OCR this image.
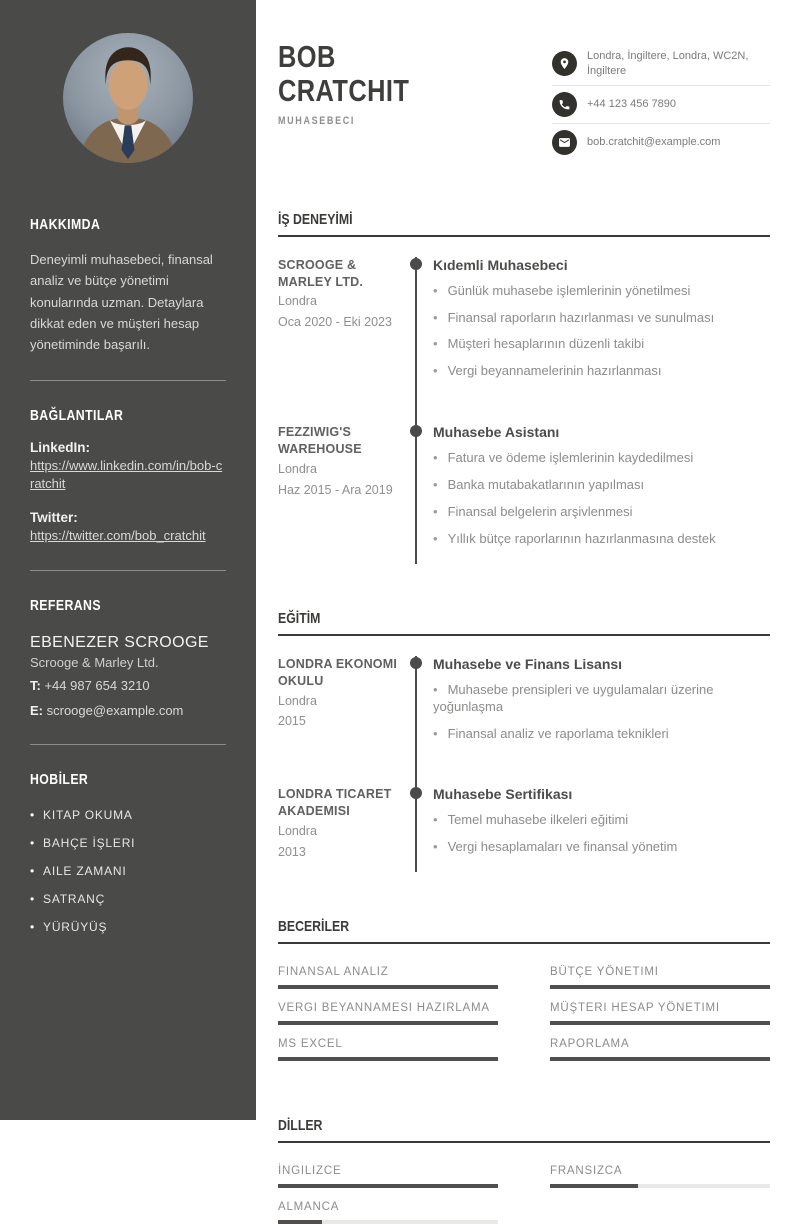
HAKKIMDA

Deneyimli muhasebeci, finansal analiz ve bütçe yönetimi konularında uzman. Detaylara dikkat eden ve müşteri hesap yönetiminde başarılı.

BAĞLANTILAR
LinkedIn:
https://www.linkedin.com/in/bob-cratchit
Twitter:
https://twitter.com/bob_cratchit
REFERANS
EBENEZER SCROOGE
Scrooge & Marley Ltd.
T: +44 987 654 3210
E: scrooge@example.com
HOBİLER
• KITAP OKUMA
• BAHÇE İŞLERI
• AILE ZAMANI
• SATRANÇ
• YÜRÜYÜŞ
BOB
CRATCHIT
MUHASEBECI
Londra, İngiltere, Londra, WC2N, İngiltere
+44 123 456 7890
bob.cratchit@example.com
İŞ DENEYİMİ
SCROOGE & MARLEY LTD.
Londra
Oca 2020 - Eki 2023
Kıdemli Muhasebeci
• Günlük muhasebe işlemlerinin yönetilmesi
• Finansal raporların hazırlanması ve sunulması
• Müşteri hesaplarının düzenli takibi
• Vergi beyannamelerinin hazırlanması
FEZZIWIG'S WAREHOUSE
Londra
Haz 2015 - Ara 2019
Muhasebe Asistanı
• Fatura ve ödeme işlemlerinin kaydedilmesi
• Banka mutabakatlarının yapılması
• Finansal belgelerin arşivlenmesi
• Yıllık bütçe raporlarının hazırlanmasına destek
EĞİTİM
LONDRA EKONOMI OKULU
Londra
2015
Muhasebe ve Finans Lisansı
• Muhasebe prensipleri ve uygulamaları üzerine yoğunlaşma
• Finansal analiz ve raporlama teknikleri
LONDRA TICARET AKADEMISI
Londra
2013
Muhasebe Sertifikası
• Temel muhasebe ilkeleri eğitimi
• Vergi hesaplamaları ve finansal yönetim
BECERİLER
FINANSAL ANALIZ	BÜTÇE YÖNETIMI
VERGI BEYANNAMESI HAZIRLAMA	MÜŞTERI HESAP YÖNETIMI
MS EXCEL	RAPORLAMA
DİLLER
İNGILIZCE	FRANSIZCA
ALMANCA
